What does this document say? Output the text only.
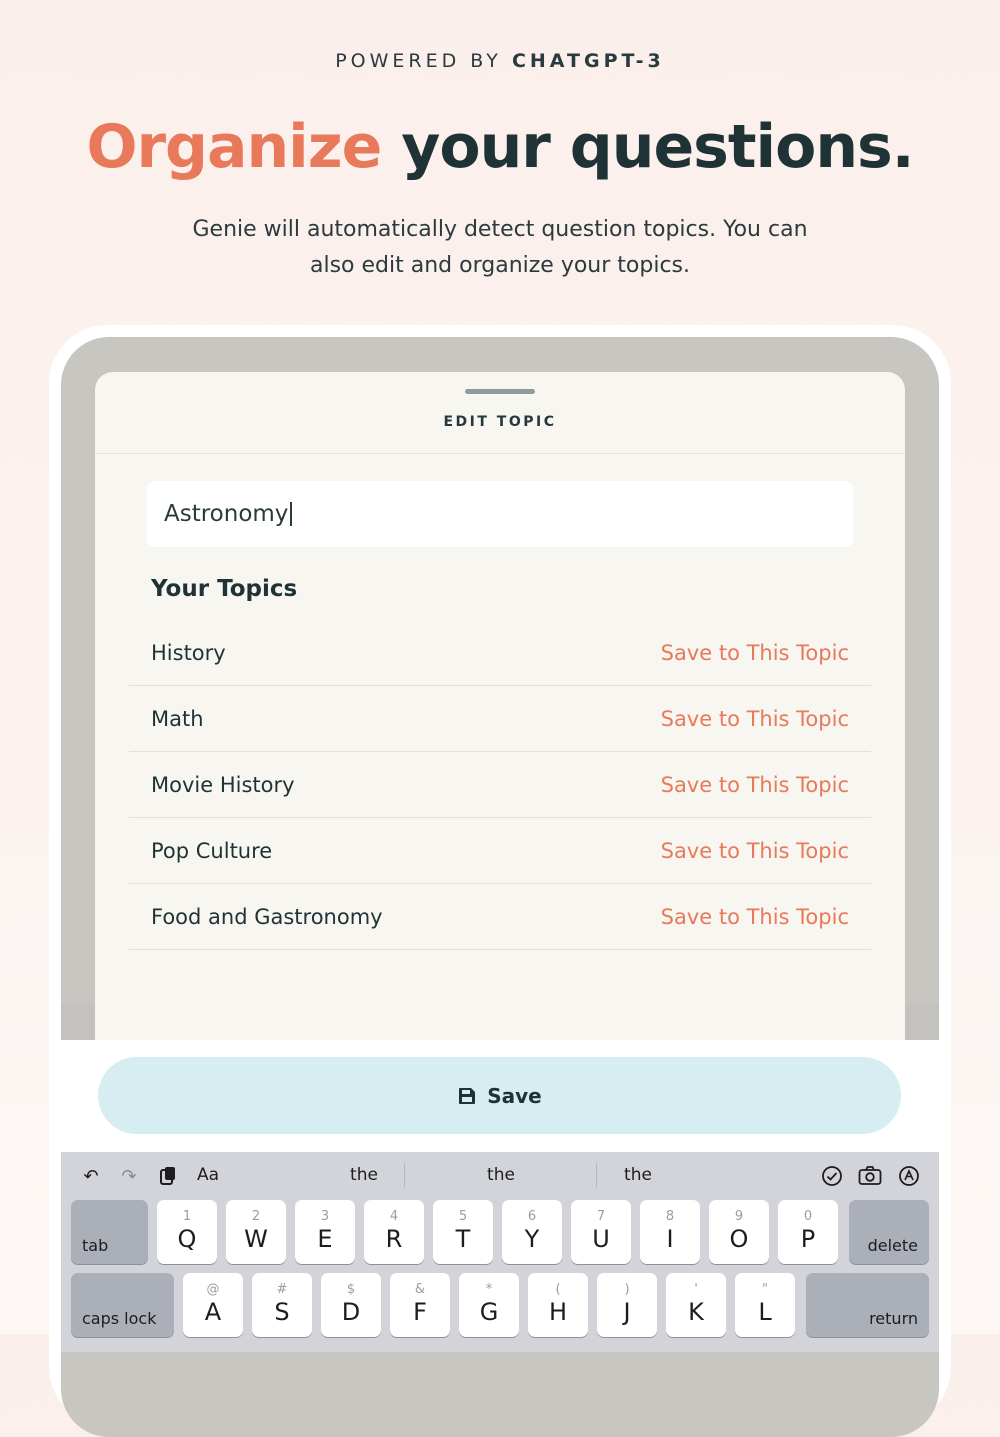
POWERED BY CHATGPT-3
Organize your questions.
Genie will automatically detect question topics. You can also edit and organize your topics.
EDIT TOPIC
Astronomy
Your Topics
History	Save to This Topic
Math	Save to This Topic
Movie History	Save to This Topic
Pop Culture	Save to This Topic
Food and Gastronomy	Save to This Topic
Save
↶ ↷	Aa	the	the	the
tab
1
Q
2
W
3
E
4
R
5
T
6
Y
7
U
8
I
9
O
0
P	delete
caps lock
@
A
#
S
$
D
&
F
*
G
(
H
)
J
'
K
"
L	return
